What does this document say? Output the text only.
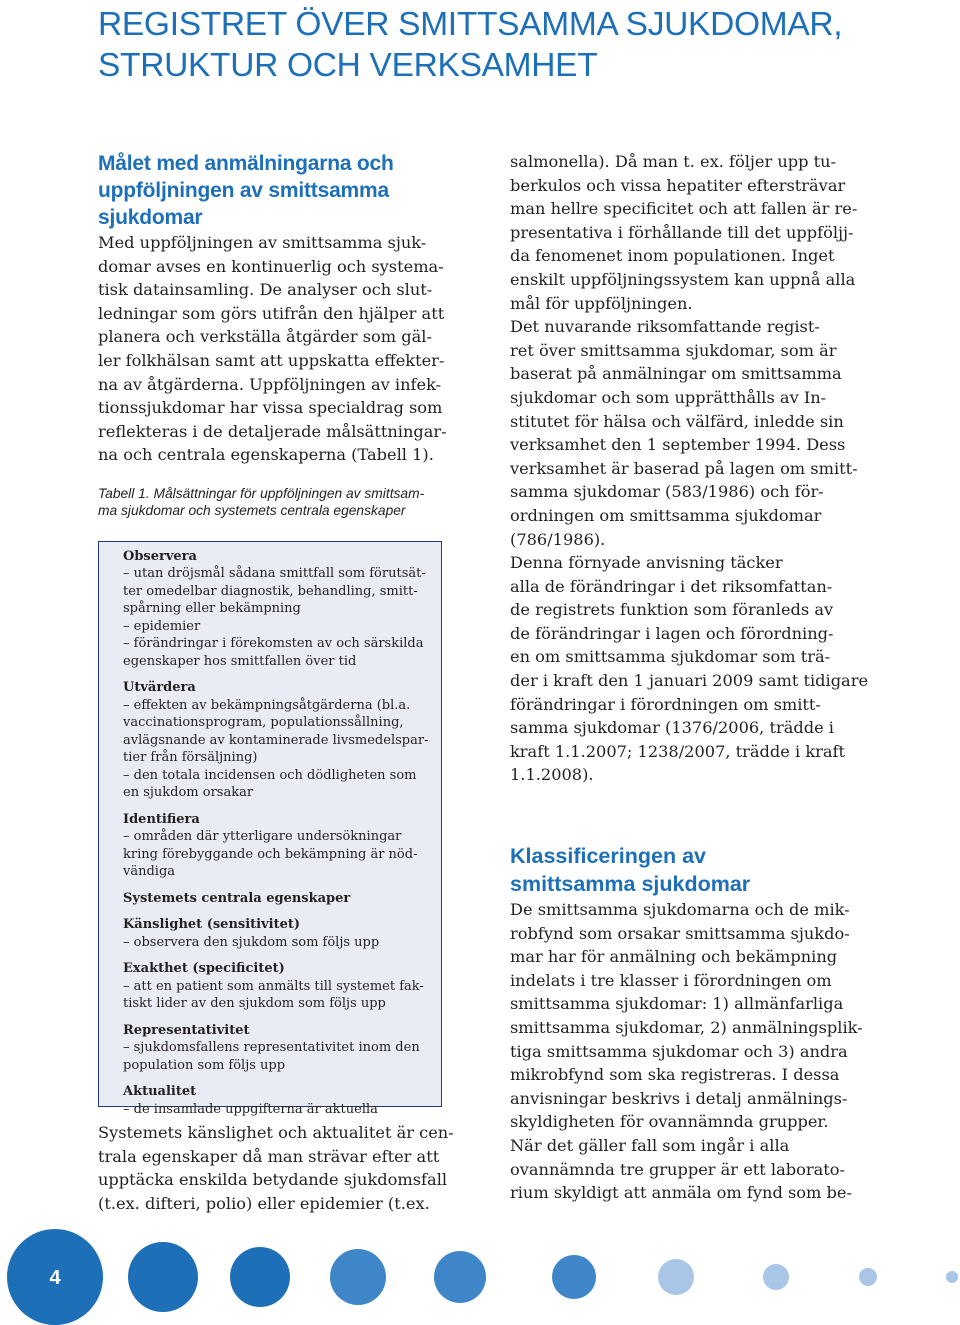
REGISTRET ÖVER SMITTSAMMA SJUKDOMAR,
STRUKTUR OCH VERKSAMHET
Målet med anmälningarna och
uppföljningen av smittsamma
sjukdomar

Med uppföljningen av smittsamma sjuk-
domar avses en kontinuerlig och systema-
tisk datainsamling. De analyser och slut-
ledningar som görs utifrån den hjälper att
planera och verkställa åtgärder som gäl-
ler folkhälsan samt att uppskatta effekter-
na av åtgärderna. Uppföljningen av infek-
tionssjukdomar har vissa specialdrag som
reflekteras i de detaljerade målsättningar-
na och centrala egenskaperna (Tabell 1).

Tabell 1. Målsättningar för uppföljningen av smittsam-
ma sjukdomar och systemets centrala egenskaper

Observera

– utan dröjsmål sådana smittfall som förutsät-
ter omedelbar diagnostik, behandling, smitt-
spårning eller bekämpning
– epidemier
– förändringar i förekomsten av och särskilda
egenskaper hos smittfallen över tid

Utvärdera

– effekten av bekämpningsåtgärderna (bl.a.
vaccinationsprogram, populationssållning,
avlägsnande av kontaminerade livsmedelspar-
tier från försäljning)
– den totala incidensen och dödligheten som
en sjukdom orsakar

Identifiera

– områden där ytterligare undersökningar
kring förebyggande och bekämpning är nöd-
vändiga

Systemets centrala egenskaper

Känslighet (sensitivitet)

– observera den sjukdom som följs upp

Exakthet (specificitet)

– att en patient som anmälts till systemet fak-
tiskt lider av den sjukdom som följs upp

Representativitet

– sjukdomsfallens representativitet inom den
population som följs upp

Aktualitet

– de insamlade uppgifterna är aktuella

Systemets känslighet och aktualitet är cen-
trala egenskaper då man strävar efter att
upptäcka enskilda betydande sjukdomsfall
(t.ex. difteri, polio) eller epidemier (t.ex.

salmonella). Då man t. ex. följer upp tu-
berkulos och vissa hepatiter eftersträvar
man hellre specificitet och att fallen är re-
presentativa i förhållande till det uppföljj-
da fenomenet inom populationen. Inget
enskilt uppföljningssystem kan uppnå alla
mål för uppföljningen.

Det nuvarande riksomfattande regist-
ret över smittsamma sjukdomar, som är
baserat på anmälningar om smittsamma
sjukdomar och som upprätthålls av In-
stitutet för hälsa och välfärd, inledde sin
verksamhet den 1 september 1994. Dess
verksamhet är baserad på lagen om smitt-
samma sjukdomar (583/1986) och för-
ordningen om smittsamma sjukdomar
(786/1986).

Denna förnyade anvisning täcker
alla de förändringar i det riksomfattan-
de registrets funktion som föranleds av
de förändringar i lagen och förordning-
en om smittsamma sjukdomar som trä-
der i kraft den 1 januari 2009 samt tidigare
förändringar i förordningen om smitt-
samma sjukdomar (1376/2006, trädde i
kraft 1.1.2007; 1238/2007, trädde i kraft
1.1.2008).

Klassificeringen av
smittsamma sjukdomar

De smittsamma sjukdomarna och de mik-
robfynd som orsakar smittsamma sjukdo-
mar har för anmälning och bekämpning
indelats i tre klasser i förordningen om
smittsamma sjukdomar: 1) allmänfarliga
smittsamma sjukdomar, 2) anmälningsplik-
tiga smittsamma sjukdomar och 3) andra
mikrobfynd som ska registreras. I dessa
anvisningar beskrivs i detalj anmälnings-
skyldigheten för ovannämnda grupper.

När det gäller fall som ingår i alla
ovannämnda tre grupper är ett laborato-
rium skyldigt att anmäla om fynd som be-

4
